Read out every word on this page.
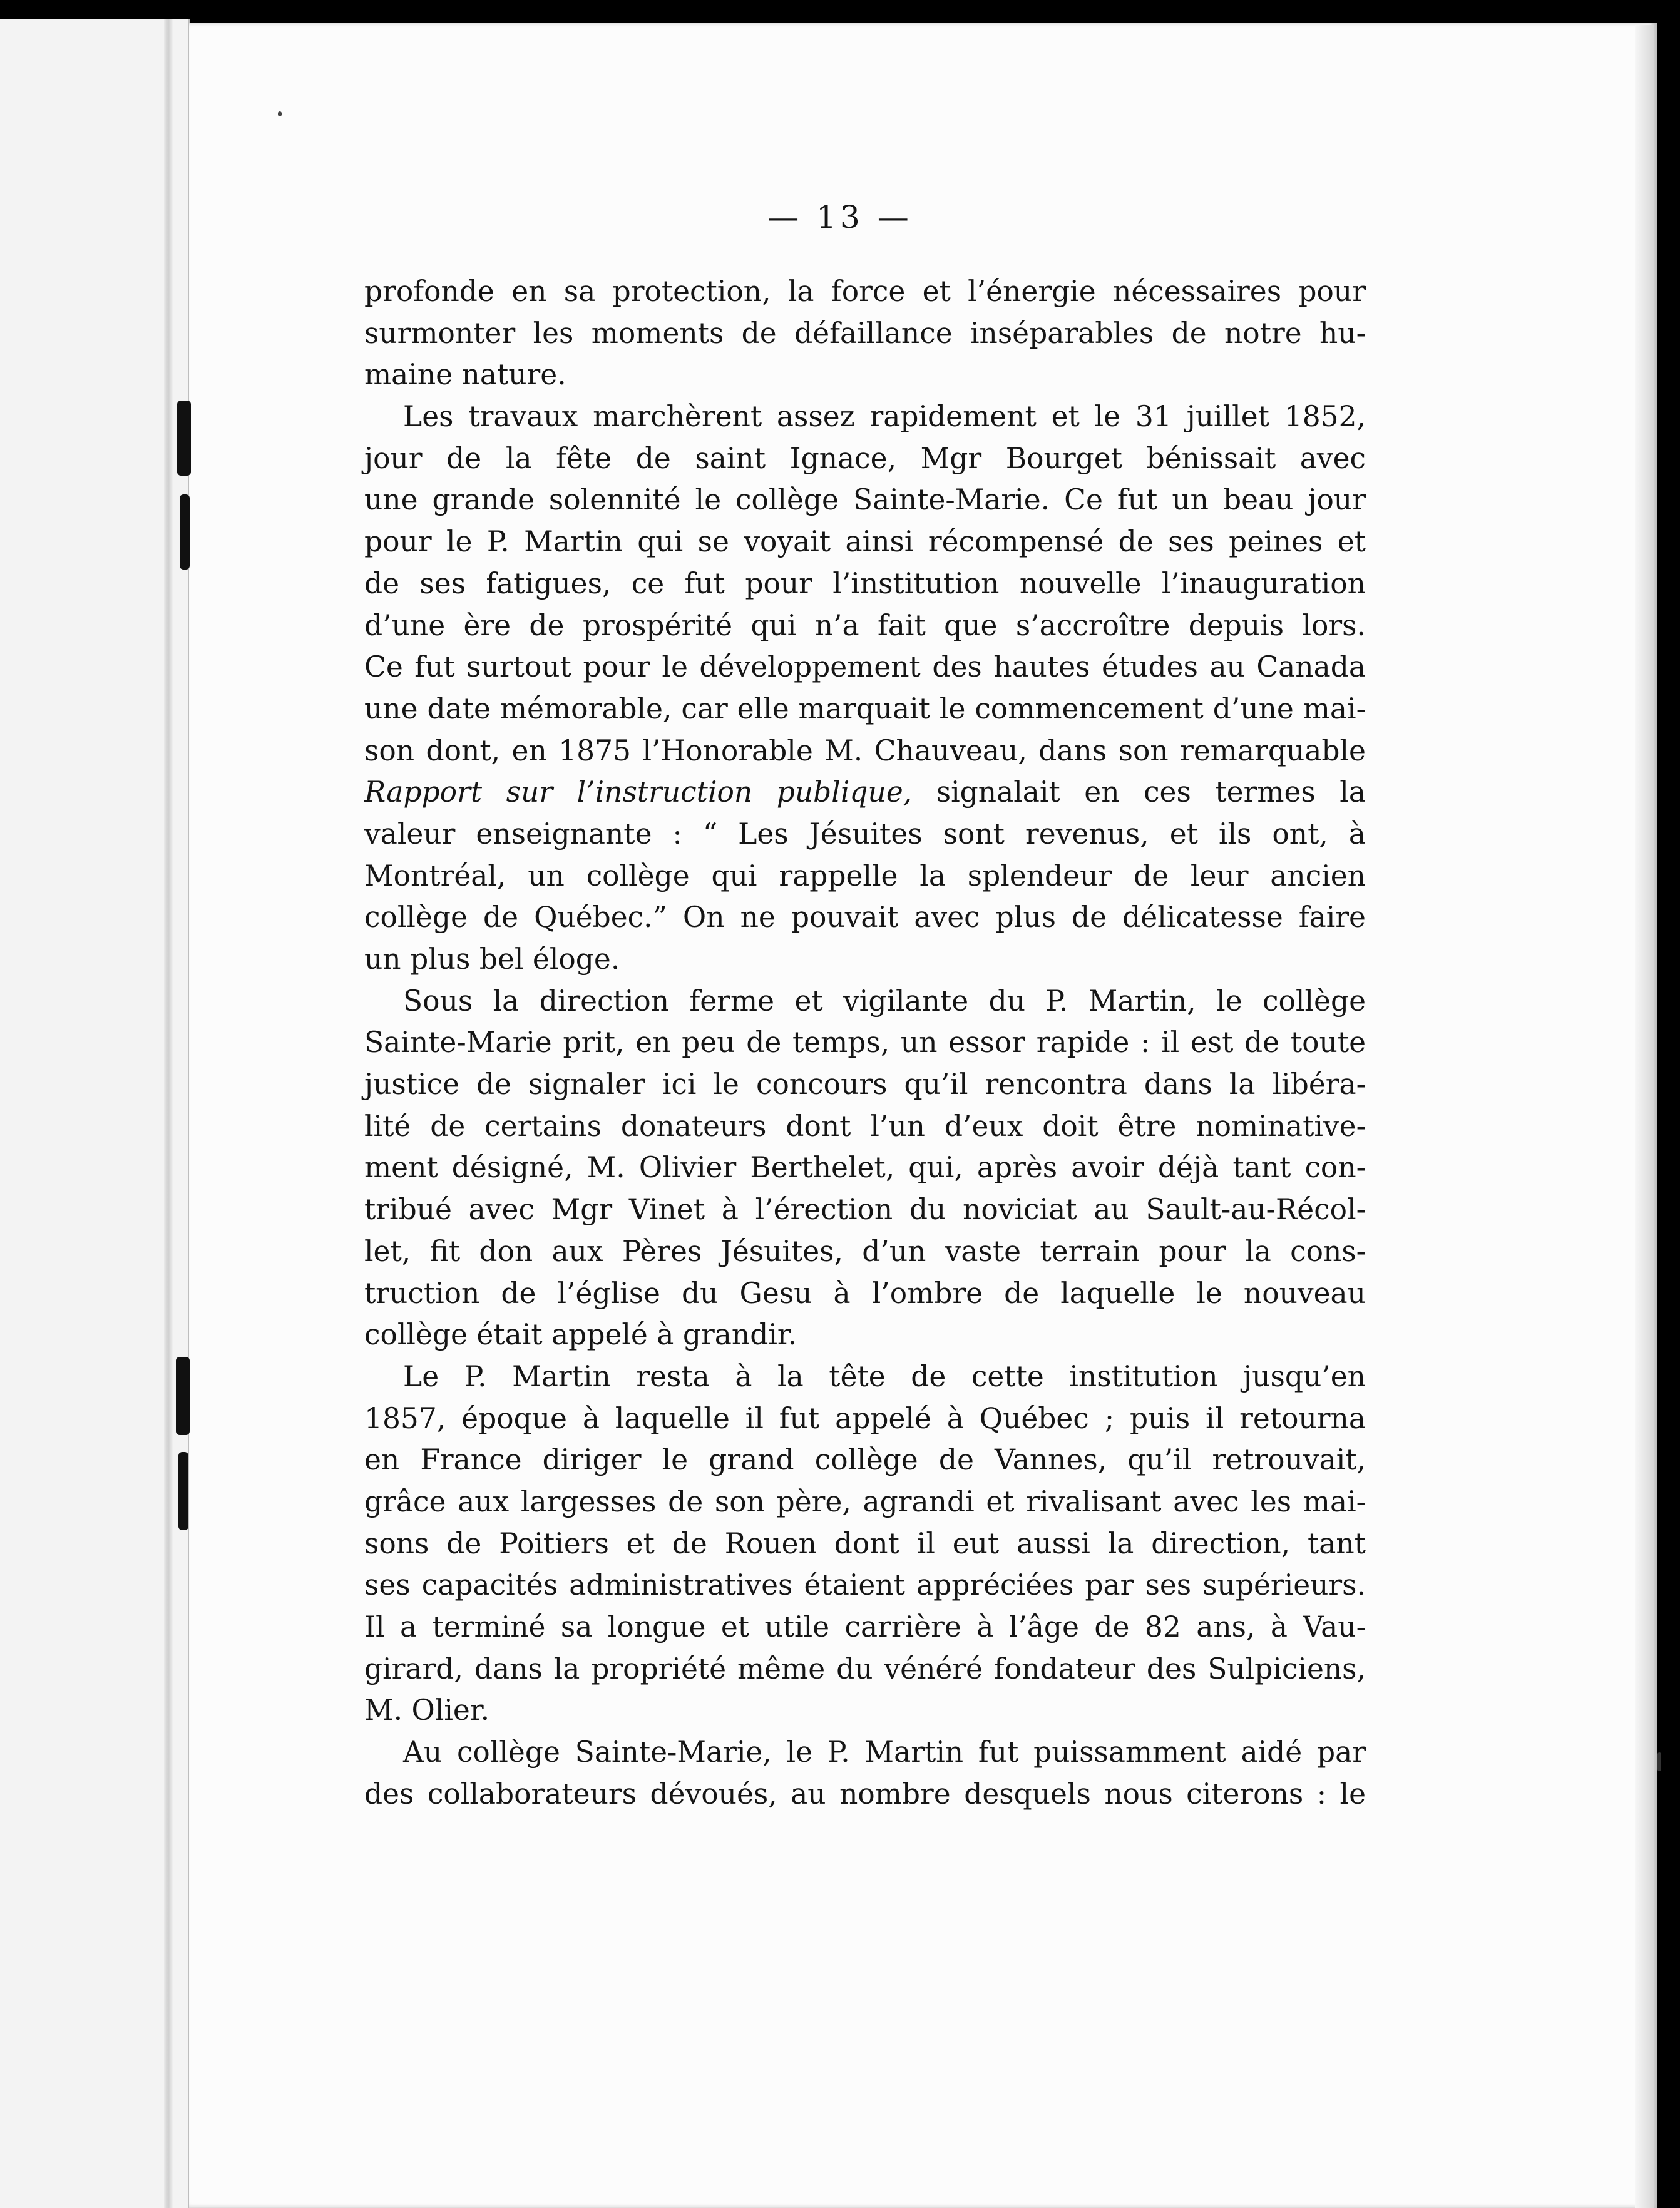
— 13 —
profonde en sa protection, la force et l’énergie nécessaires pour
surmonter les moments de défaillance inséparables de notre hu-
maine nature.
Les travaux marchèrent assez rapidement et le 31 juillet 1852,
jour de la fête de saint Ignace, Mgr Bourget bénissait avec
une grande solennité le collège Sainte-Marie. Ce fut un beau jour
pour le P. Martin qui se voyait ainsi récompensé de ses peines et
de ses fatigues, ce fut pour l’institution nouvelle l’inauguration
d’une ère de prospérité qui n’a fait que s’accroître depuis lors.
Ce fut surtout pour le développement des hautes études au Canada
une date mémorable, car elle marquait le commencement d’une mai-
son dont, en 1875 l’Honorable M. Chauveau, dans son remarquable
Rapport sur l’instruction publique, signalait en ces termes la
valeur enseignante : “ Les Jésuites sont revenus, et ils ont, à
Montréal, un collège qui rappelle la splendeur de leur ancien
collège de Québec.” On ne pouvait avec plus de délicatesse faire
un plus bel éloge.
Sous la direction ferme et vigilante du P. Martin, le collège
Sainte-Marie prit, en peu de temps, un essor rapide : il est de toute
justice de signaler ici le concours qu’il rencontra dans la libéra-
lité de certains donateurs dont l’un d’eux doit être nominative-
ment désigné, M. Olivier Berthelet, qui, après avoir déjà tant con-
tribué avec Mgr Vinet à l’érection du noviciat au Sault-au-Récol-
let, fit don aux Pères Jésuites, d’un vaste terrain pour la cons-
truction de l’église du Gesu à l’ombre de laquelle le nouveau
collège était appelé à grandir.
Le P. Martin resta à la tête de cette institution jusqu’en
1857, époque à laquelle il fut appelé à Québec ; puis il retourna
en France diriger le grand collège de Vannes, qu’il retrouvait,
grâce aux largesses de son père, agrandi et rivalisant avec les mai-
sons de Poitiers et de Rouen dont il eut aussi la direction, tant
ses capacités administratives étaient appréciées par ses supérieurs.
Il a terminé sa longue et utile carrière à l’âge de 82 ans, à Vau-
girard, dans la propriété même du vénéré fondateur des Sulpiciens,
M. Olier.
Au collège Sainte-Marie, le P. Martin fut puissamment aidé par
des collaborateurs dévoués, au nombre desquels nous citerons : le
